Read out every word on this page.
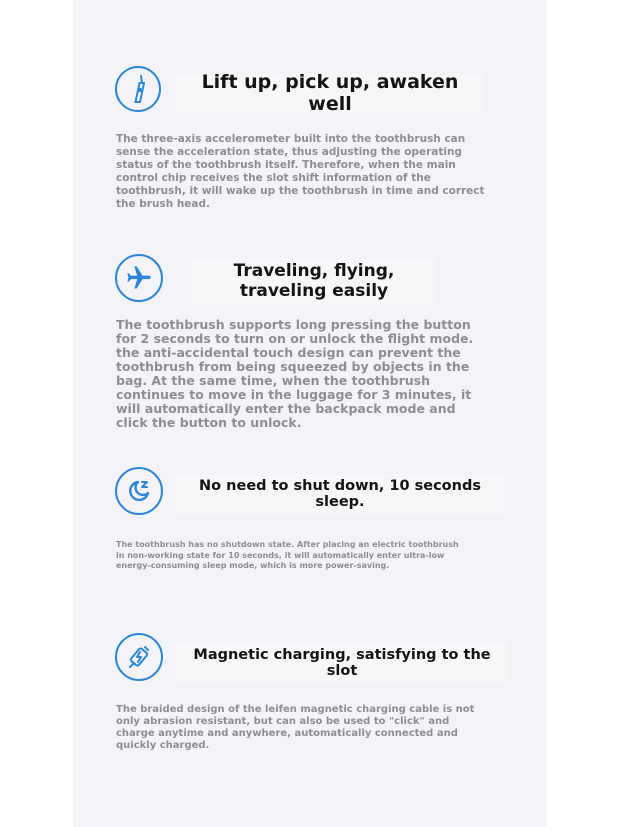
Lift up, pick up, awaken well

The three-axis accelerometer built into the toothbrush can sense the acceleration state, thus adjusting the operating status of the toothbrush itself. Therefore, when the main control chip receives the slot shift information of the toothbrush, it will wake up the toothbrush in time and correct the brush head.

Traveling, flying, traveling easily

The toothbrush supports long pressing the button for 2 seconds to turn on or unlock the flight mode. the anti-accidental touch design can prevent the toothbrush from being squeezed by objects in the bag. At the same time, when the toothbrush continues to move in the luggage for 3 minutes, it will automatically enter the backpack mode and click the button to unlock.

No need to shut down, 10 seconds sleep.

The toothbrush has no shutdown state. After placing an electric toothbrush in non-working state for 10 seconds, it will automatically enter ultra-low energy-consuming sleep mode, which is more power-saving.

Magnetic charging, satisfying to the slot

The braided design of the leifen magnetic charging cable is not only abrasion resistant, but can also be used to "click" and charge anytime and anywhere, automatically connected and quickly charged.
